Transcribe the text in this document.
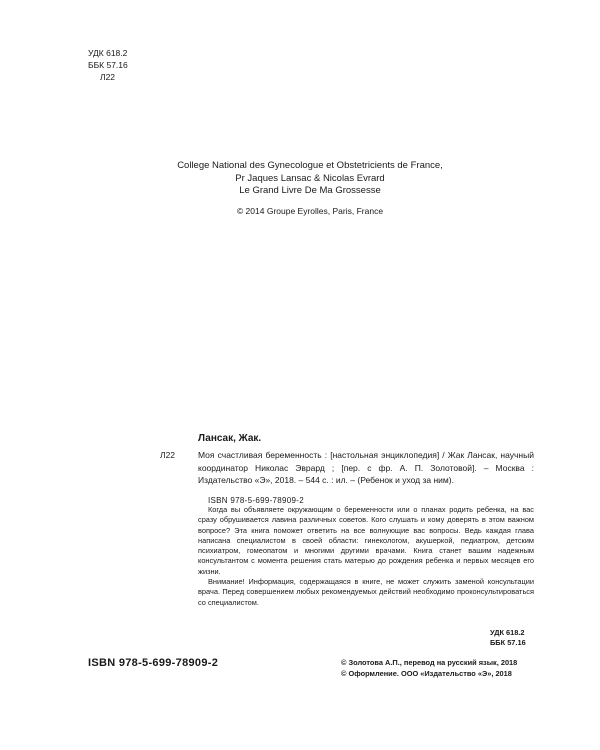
УДК 618.2
ББК 57.16
Л22
College National des Gynecologue et Obstetricients de France,
Pr Jaques Lansac & Nicolas Evrard
Le Grand Livre De Ma Grossesse
© 2014 Groupe Eyrolles, Paris, France
Лансак, Жак.
Л22	Моя счастливая беременность : [настольная энциклопедия] / Жак Лансак, научный координатор Николас Эврард ; [пер. с фр. А. П. Золотовой]. – Москва : Издательство «Э», 2018. – 544 с. : ил. – (Ребенок и уход за ним).
ISBN 978-5-699-78909-2

Когда вы объявляете окружающим о беременности или о планах родить ребенка, на вас сразу обрушивается лавина различных советов. Кого слушать и кому доверять в этом важном вопросе? Эта книга поможет ответить на все волнующие вас вопросы. Ведь каждая глава написана специалистом в своей области: гинекологом, акушеркой, педиатром, детским психиатром, гомеопатом и многими другими врачами. Книга станет вашим надежным консультантом с момента решения стать матерью до рождения ребенка и первых месяцев его жизни.

Внимание! Информация, содержащаяся в книге, не может служить заменой консультации врача. Перед совершением любых рекомендуемых действий необходимо проконсультироваться со специалистом.

УДК 618.2
ББК 57.16
ISBN 978-5-699-78909-2	© Золотова А.П., перевод на русский язык, 2018
© Оформление. ООО «Издательство «Э», 2018
